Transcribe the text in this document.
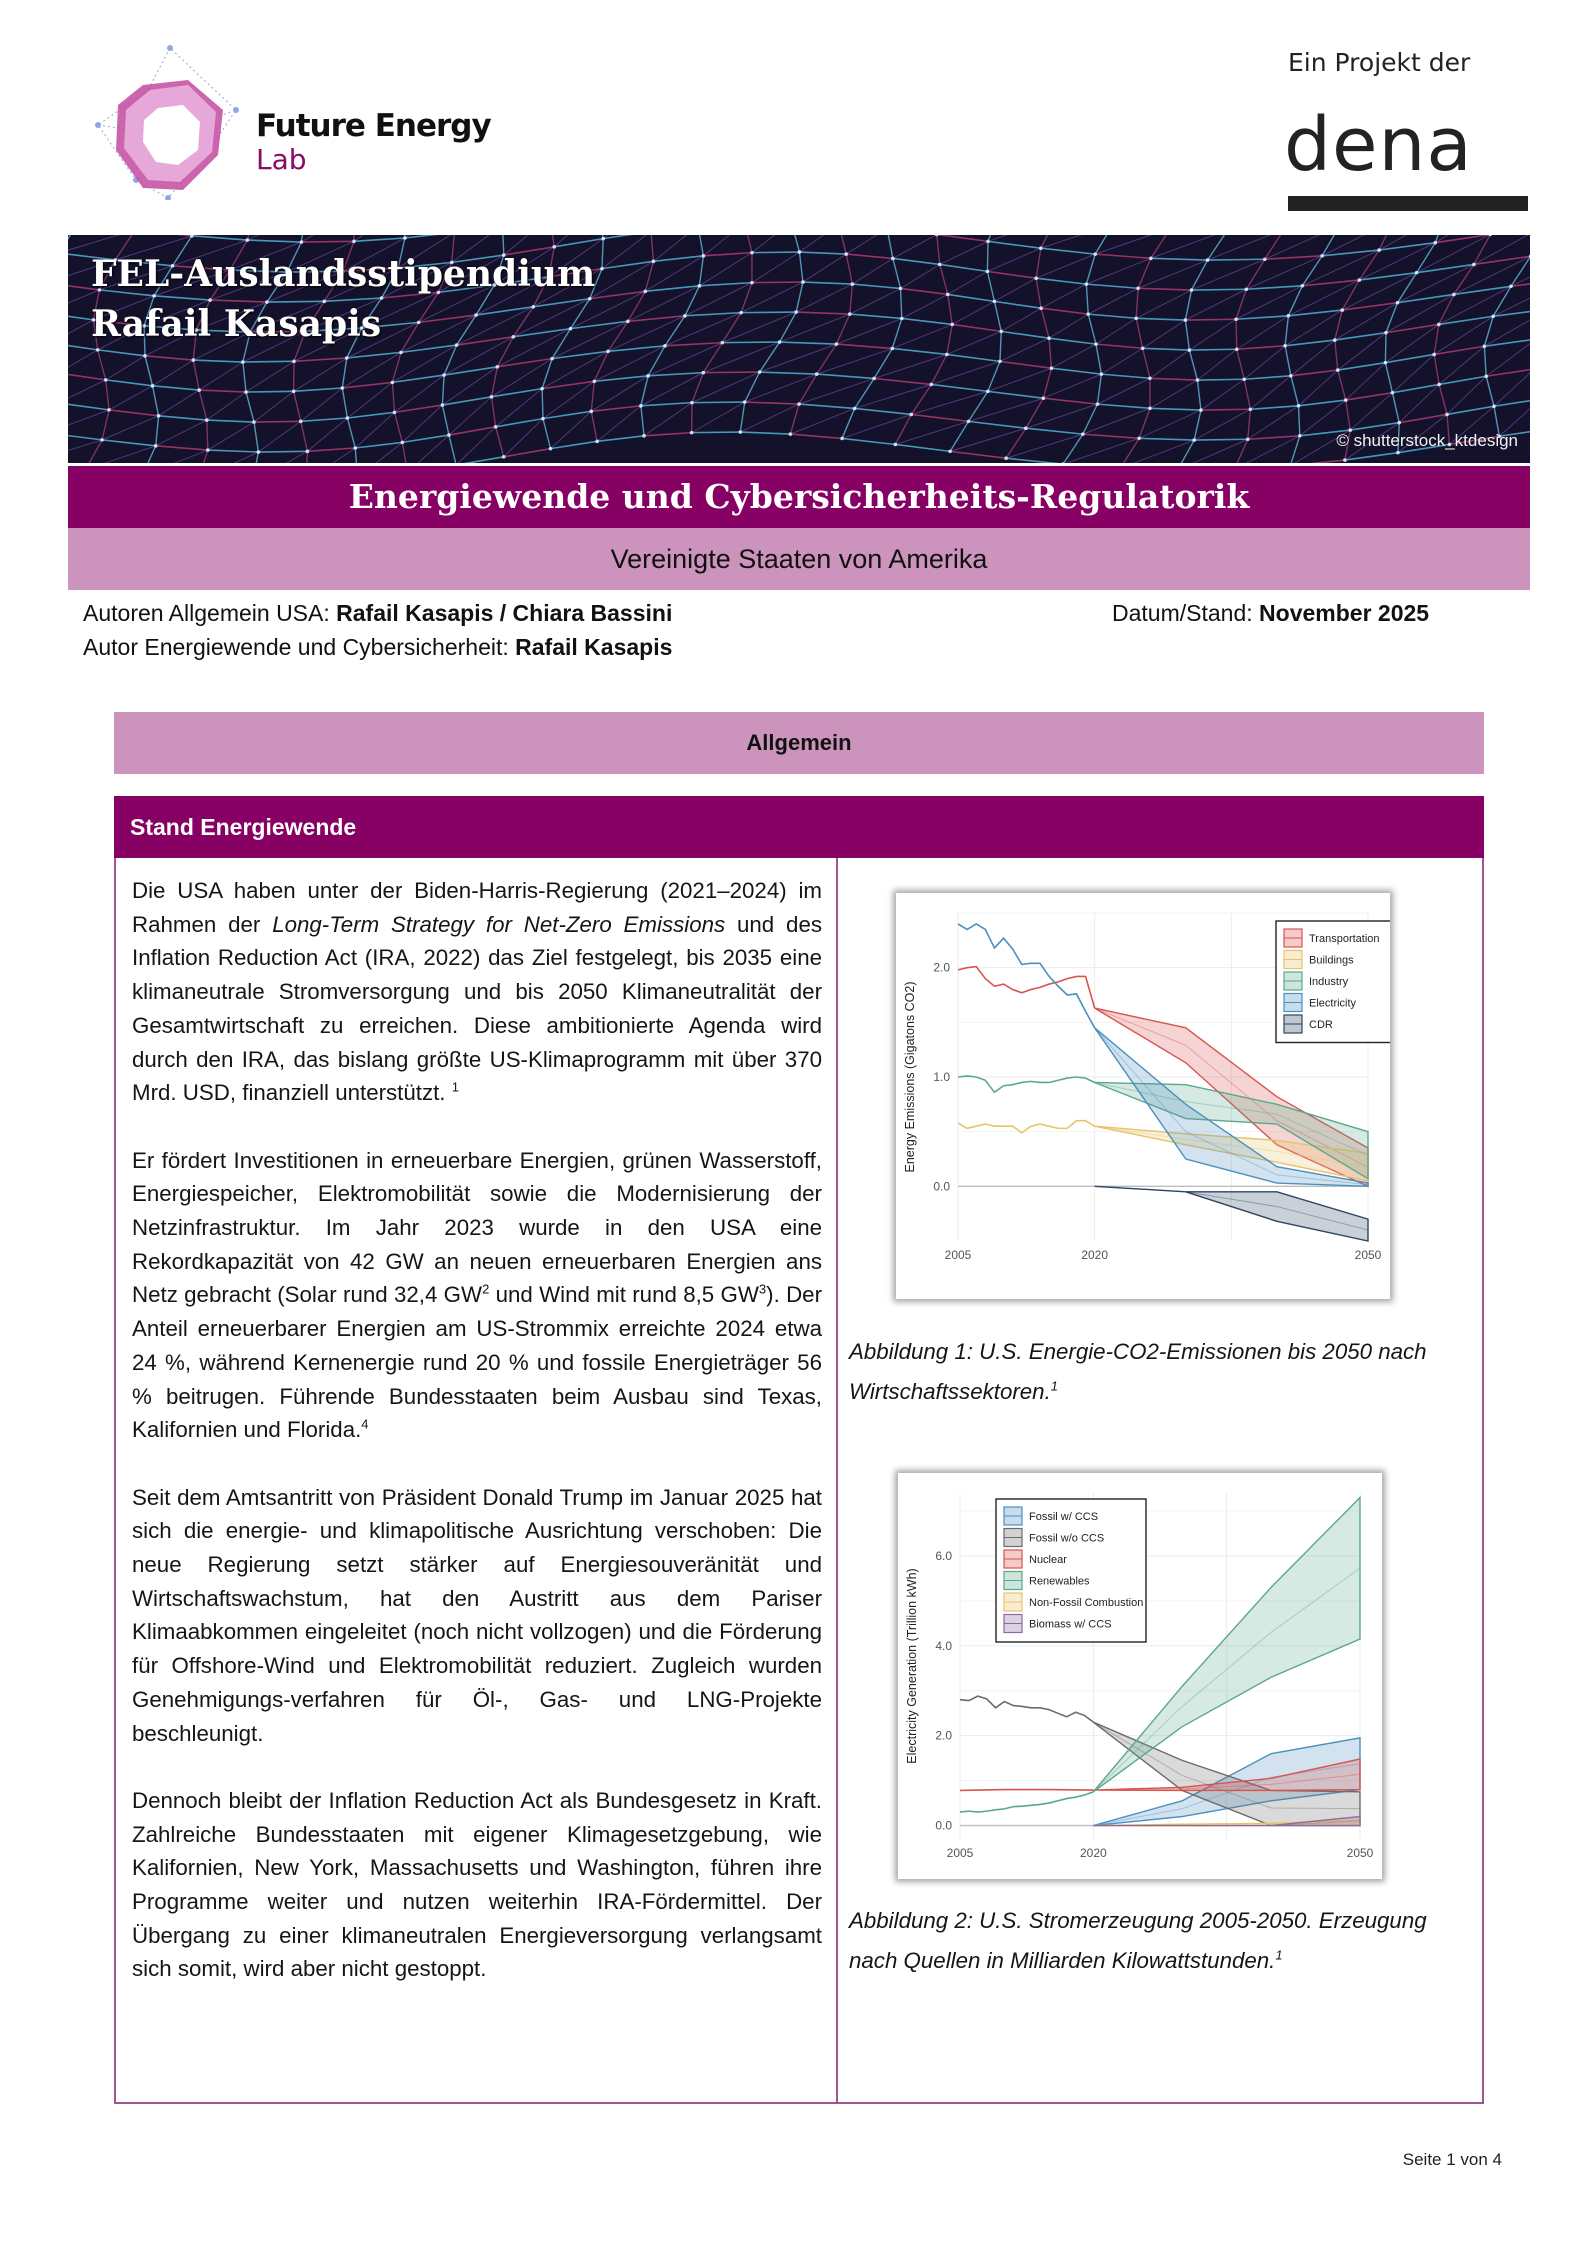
Future Energy
Lab
Ein Projekt der
dena
FEL-Auslandsstipendium
Rafail Kasapis
© shutterstock_ktdesign
Energiewende und Cybersicherheits-Regulatorik
Vereinigte Staaten von Amerika
Autoren Allgemein USA: Rafail Kasapis / Chiara Bassini
Autor Energiewende und Cybersicherheit: Rafail Kasapis
Datum/Stand: November 2025
Allgemein
Stand Energiewende

Die USA haben unter der Biden-Harris-Regierung (2021–2024) im Rahmen der Long-Term Strategy for Net-Zero Emissions und des Inflation Reduction Act (IRA, 2022) das Ziel festgelegt, bis 2035 eine klimaneutrale Stromversorgung und bis 2050 Klimaneutralität der Gesamtwirtschaft zu erreichen. Diese ambitionierte Agenda wird durch den IRA, das bislang größte US-Klimaprogramm mit über 370 Mrd. USD, finanziell unterstützt. $^1$

Er fördert Investitionen in erneuerbare Energien, grünen Wasserstoff, Energiespeicher, Elektromobilität sowie die Modernisierung der Netzinfrastruktur. Im Jahr 2023 wurde in den USA eine Rekordkapazität von 42 GW an neuen erneuerbaren Energien ans Netz gebracht (Solar rund 32,4 $GW^2$ und Wind mit rund 8,5 $GW^3$). Der Anteil erneuerbarer Energien am US-Strommix erreichte 2024 etwa 24 %, während Kernenergie rund 20 % und fossile Energieträger 56 % beitrugen. Führende Bundesstaaten beim Ausbau sind Texas, Kalifornien und Florida.$^4$

Seit dem Amtsantritt von Präsident Donald Trump im Januar 2025 hat sich die energie- und klimapolitische Ausrichtung verschoben: Die neue Regierung setzt stärker auf Energiesouveränität und Wirtschaftswachstum, hat den Austritt aus dem Pariser Klimaabkommen eingeleitet (noch nicht vollzogen) und die Förderung für Offshore-Wind und Elektromobilität reduziert. Zugleich wurden Genehmigungs-verfahren für Öl-, Gas- und LNG-Projekte beschleunigt.

Dennoch bleibt der Inflation Reduction Act als Bundesgesetz in Kraft. Zahlreiche Bundesstaaten mit eigener Klimagesetzgebung, wie Kalifornien, New York, Massachusetts und Washington, führen ihre Programme weiter und nutzen weiterhin IRA-Fördermittel. Der Übergang zu einer klimaneutralen Energieversorgung verlangsamt sich somit, wird aber nicht gestoppt.

0.0
1.0
2.0
2005	2020	2050
Energy Emissions (Gigatons CO2)
Transportation
Buildings
Industry
Electricity
CDR
Abbildung 1: U.S. Energie-CO2-Emissionen bis 2050 nach Wirtschaftssektoren.$^1$
0.0
2.0
4.0
6.0
2005	2020	2050
Electricity Generation (Trillion kWh)
Fossil w/ CCS
Fossil w/o CCS
Nuclear
Renewables
Non-Fossil Combustion
Biomass w/ CCS
Abbildung 2: U.S. Stromerzeugung 2005-2050. Erzeugung nach Quellen in Milliarden Kilowattstunden.$^1$
Seite 1 von 4
